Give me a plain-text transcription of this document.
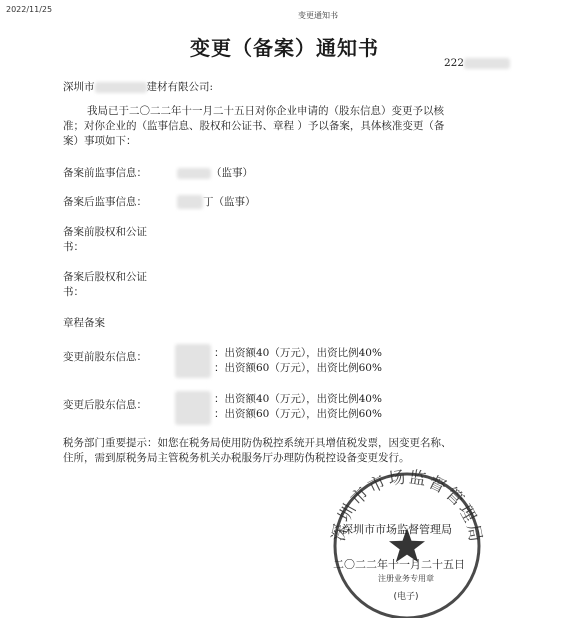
2022/11/25
变更通知书
变更（备案）通知书
222
深圳市	建材有限公司:
我局已于二〇二二年十一月二十五日对你企业申请的（股东信息）变更予以核
准；对你企业的（监事信息、股权和公证书、章程 ）予以备案，具体核准变更（备
案）事项如下：
备案前监事信息：	（监事）
备案后监事信息：	丁（监事）
备案前股权和公证
书：
备案后股权和公证
书：
章程备案
变更前股东信息：	：出资额40（万元），出资比例40%
：出资额60（万元），出资比例60%
变更后股东信息：	：出资额40（万元），出资比例40%
：出资额60（万元），出资比例60%
税务部门重要提示：如您在税务局使用防伪税控系统开具增值税发票，因变更名称、
住所，需到原税务局主管税务机关办税服务厅办理防伪税控设备变更发行。
深圳市市场监督管理局
注册业务专用章
(电子)
深圳市市场监督管理局
二〇二二年十一月二十五日
